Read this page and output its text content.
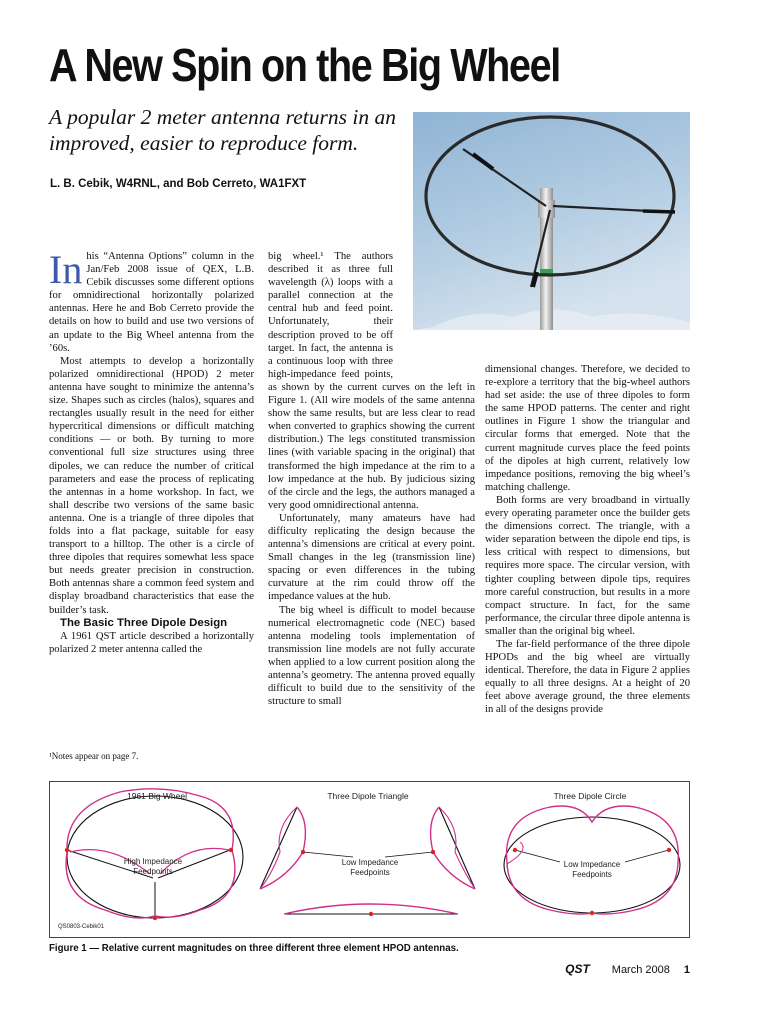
A New Spin on the Big Wheel

A popular 2 meter antenna returns in an improved, easier to reproduce form.

L. B. Cebik, W4RNL, and Bob Cerreto, WA1FXT
In his “Antenna Options” column in the Jan/Feb 2008 issue of QEX, L.B. Cebik discusses some different options for omnidirectional horizontally polarized antennas. Here he and Bob Cerreto provide the details on how to build and use two versions of an update to the Big Wheel antenna from the ’60s.

Most attempts to develop a horizontally polarized omnidirectional (HPOD) 2 meter antenna have sought to minimize the antenna’s size. Shapes such as circles (halos), squares and rectangles usually result in the need for either hypercritical dimensions or difficult matching conditions — or both. By turning to more conventional full size structures using three dipoles, we can reduce the number of critical parameters and ease the process of replicating the antennas in a home workshop. In fact, we shall describe two versions of the same basic antenna. One is a triangle of three dipoles that folds into a flat package, suitable for easy transport to a hilltop. The other is a circle of three dipoles that requires somewhat less space but needs greater precision in construction. Both antennas share a common feed system and display broadband characteristics that ease the builder’s task.

The Basic Three Dipole Design

A 1961 QST article described a horizontally polarized 2 meter antenna called the

¹Notes appear on page 7.

big wheel.¹ The authors described it as three full wavelength (λ) loops with a parallel connection at the central hub and feed point. Unfortunately, their description proved to be off target. In fact, the antenna is a continuous loop with three high-impedance feed points, as shown by the current curves on the left in Figure 1. (All wire models of the same antenna show the same results, but are less clear to read when converted to graphics showing the current distribution.) The legs constituted transmission lines (with variable spacing in the original) that transformed the high impedance at the rim to a low impedance at the hub. By judicious sizing of the circle and the legs, the authors managed a very good omnidirectional antenna.

Unfortunately, many amateurs have had difficulty replicating the design because the antenna’s dimensions are critical at every point. Small changes in the leg (transmission line) spacing or even differences in the tubing curvature at the rim could throw off the impedance values at the hub.

The big wheel is difficult to model because numerical electromagnetic code (NEC) based antenna modeling tools implementation of transmission line models are not fully accurate when applied to a low current position along the antenna’s geometry. The antenna proved equally difficult to build due to the sensitivity of the structure to small

dimensional changes. Therefore, we decided to re-explore a territory that the big-wheel authors had set aside: the use of three dipoles to form the same HPOD patterns. The center and right outlines in Figure 1 show the triangular and circular forms that emerged. Note that the current magnitude curves place the feed points of the dipoles at high current, relatively low impedance positions, removing the big wheel’s matching challenge.

Both forms are very broadband in virtually every operating parameter once the builder gets the dimensions correct. The triangle, with a wider separation between the dipole end tips, is less critical with respect to dimensions, but requires more space. The circular version, with tighter coupling between dipole tips, requires more careful construction, but results in a more compact structure. In fact, for the same performance, the circular three dipole antenna is smaller than the original big wheel.

The far-field performance of the three dipole HPODs and the big wheel are virtually identical. Therefore, the data in Figure 2 applies equally to all three designs. At a height of 20 feet above average ground, the three elements in all of the designs provide

1961 Big Wheel	Three Dipole Triangle	Three Dipole Circle
High Impedance
Feedpoints
QS0803-Cebik01
Low Impedance
Feedpoints
Low Impedance
Feedpoints
Figure 1 — Relative current magnitudes on three different three element HPOD antennas.
QST March 2008 1
